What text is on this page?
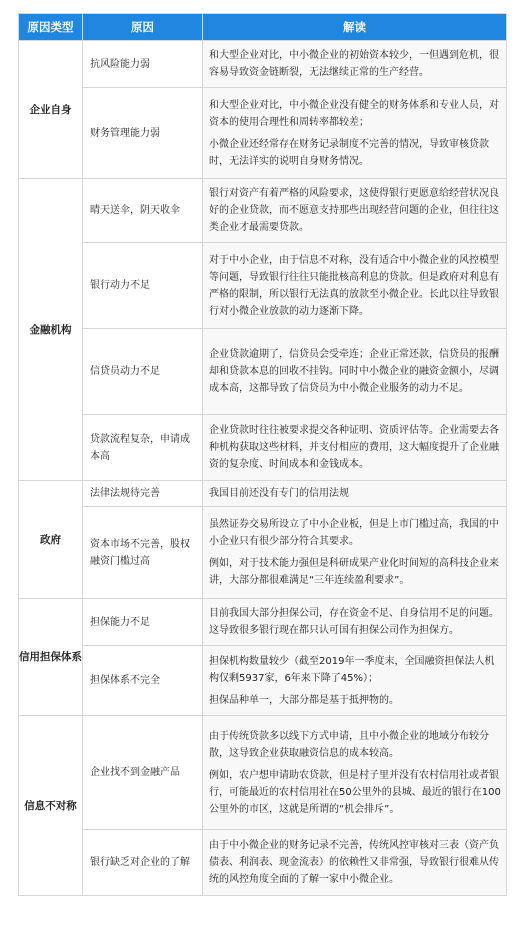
原因类型	原因	解读
企业自身	抗风险能力弱	和大型企业对比，中小微企业的初始资本较少，一但遇到危机，很容易导致资金链断裂，无法继续正常的生产经营。

	财务管理能力弱	和大型企业对比，中小微企业没有健全的财务体系和专业人员，对资本的使用合理性和周转率都较差；

小微企业还经常存在财务记录制度不完善的情况，导致审核贷款时，无法详实的说明自身财务情况。

金融机构	晴天送伞，阴天收伞	银行对资产有着严格的风险要求，这使得银行更愿意给经营状况良好的企业贷款，而不愿意支持那些出现经营问题的企业，但往往这类企业才最需要贷款。

	银行动力不足	对于中小企业，由于信息不对称，没有适合中小微企业的风控模型等问题，导致银行往往只能批核高利息的贷款。但是政府对利息有严格的限制，所以银行无法真的放款至小微企业。长此以往导致银行对小微企业放款的动力逐渐下降。

	信贷员动力不足	企业贷款逾期了，信贷员会受牵连；企业正常还款，信贷员的报酬却和贷款本息的回收不挂钩。同时中小微企业的融资金额小，尽调成本高，这都导致了信贷员为中小微企业服务的动力不足。

	贷款流程复杂，申请成本高	企业贷款时往往被要求提交各种证明、资质评估等。企业需要去各种机构获取这些材料，并支付相应的费用，这大幅度提升了企业融资的复杂度、时间成本和金钱成本。

政府	法律法规待完善	我国目前还没有专门的信用法规

	资本市场不完善，股权融资门槛过高	虽然证券交易所设立了中小企业板，但是上市门槛过高，我国的中小企业只有很少部分符合其要求。

例如，对于技术能力强但是科研成果产业化时间短的高科技企业来讲，大部分都很难满足“三年连续盈利要求”。

信用担保体系	担保能力不足	目前我国大部分担保公司，存在资金不足、自身信用不足的问题。这导致很多银行现在都只认可国有担保公司作为担保方。

	担保体系不完全	担保机构数量较少（截至2019年一季度末，全国融资担保法人机构仅剩5937家，6年来下降了45%）；

担保品种单一，大部分都是基于抵押物的。

信息不对称	企业找不到金融产品	由于传统贷款多以线下方式申请，且中小微企业的地域分布较分散，这导致企业获取融资信息的成本较高。

例如，农户想申请助农贷款，但是村子里并没有农村信用社或者银行，可能最近的农村信用社在50公里外的县城、最近的银行在100公里外的市区，这就是所谓的“机会排斥”。

	银行缺乏对企业的了解	由于中小微企业的财务记录不完善，传统风控审核对三表（资产负债表、利润表、现金流表）的依赖性又非常强，导致银行很难从传统的风控角度全面的了解一家中小微企业。
